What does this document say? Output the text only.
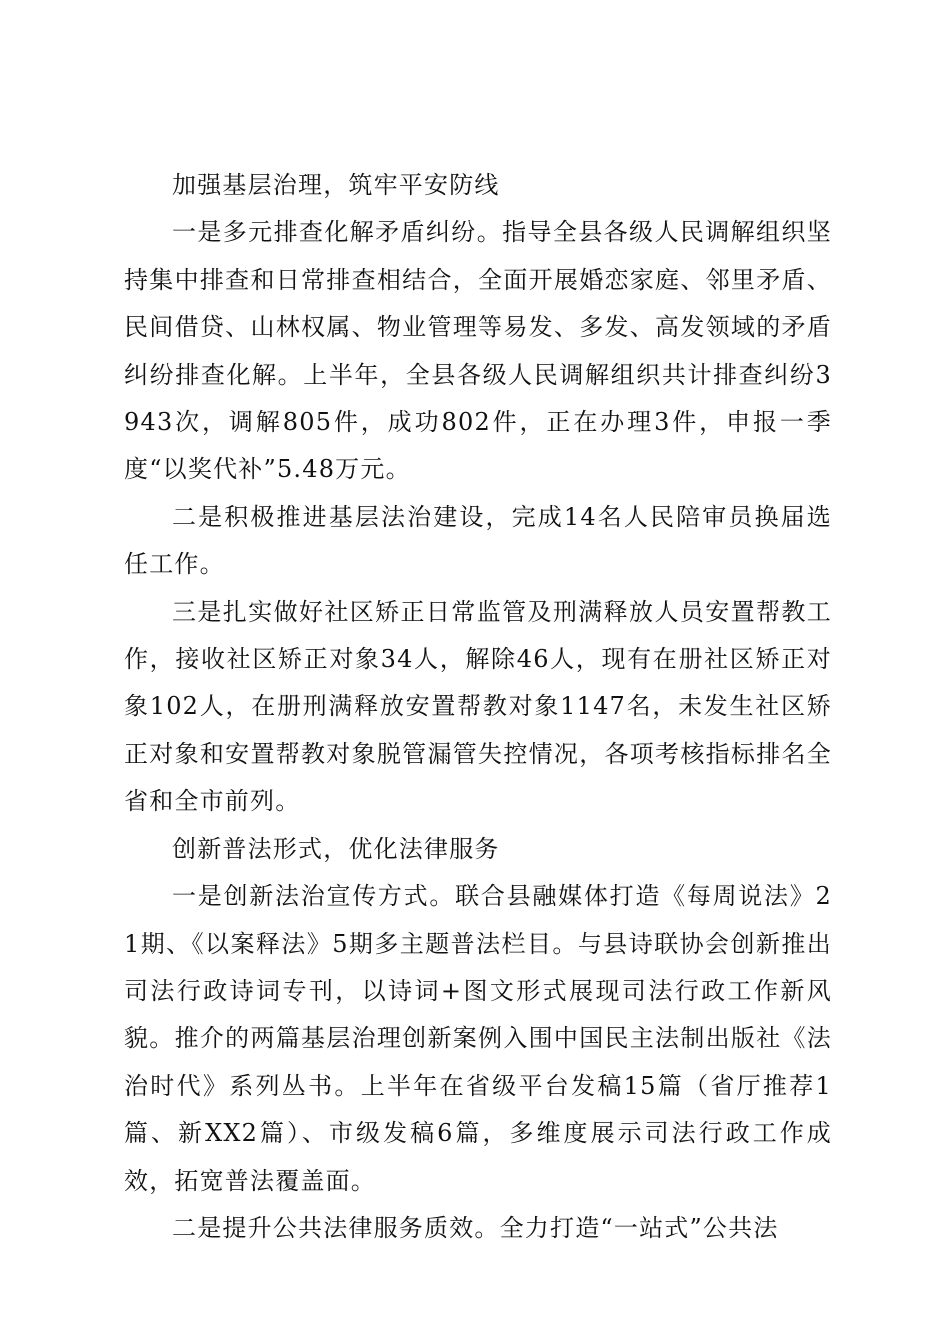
加强基层治理，筑牢平安防线

一是多元排查化解矛盾纠纷。指导全县各级人民调解组织坚持集中排查和日常排查相结合，全面开展婚恋家庭、邻里矛盾、民间借贷、山林权属、物业管理等易发、多发、高发领域的矛盾纠纷排查化解。上半年，全县各级人民调解组织共计排查纠纷3943次，调解805件，成功802件，正在办理3件，申报一季度“以奖代补”5.48万元。

二是积极推进基层法治建设，完成14名人民陪审员换届选任工作。

三是扎实做好社区矫正日常监管及刑满释放人员安置帮教工作，接收社区矫正对象34人，解除46人，现有在册社区矫正对象102人，在册刑满释放安置帮教对象1147名，未发生社区矫正对象和安置帮教对象脱管漏管失控情况，各项考核指标排名全省和全市前列。

创新普法形式，优化法律服务

一是创新法治宣传方式。联合县融媒体打造《每周说法》21期、《以案释法》5期多主题普法栏目。与县诗联协会创新推出司法行政诗词专刊，以诗词+图文形式展现司法行政工作新风貌。推介的两篇基层治理创新案例入围中国民主法制出版社《法治时代》系列丛书。上半年在省级平台发稿15篇（省厅推荐1篇、新XX2篇）、市级发稿6篇，多维度展示司法行政工作成效，拓宽普法覆盖面。

二是提升公共法律服务质效。全力打造“一站式”公共法
